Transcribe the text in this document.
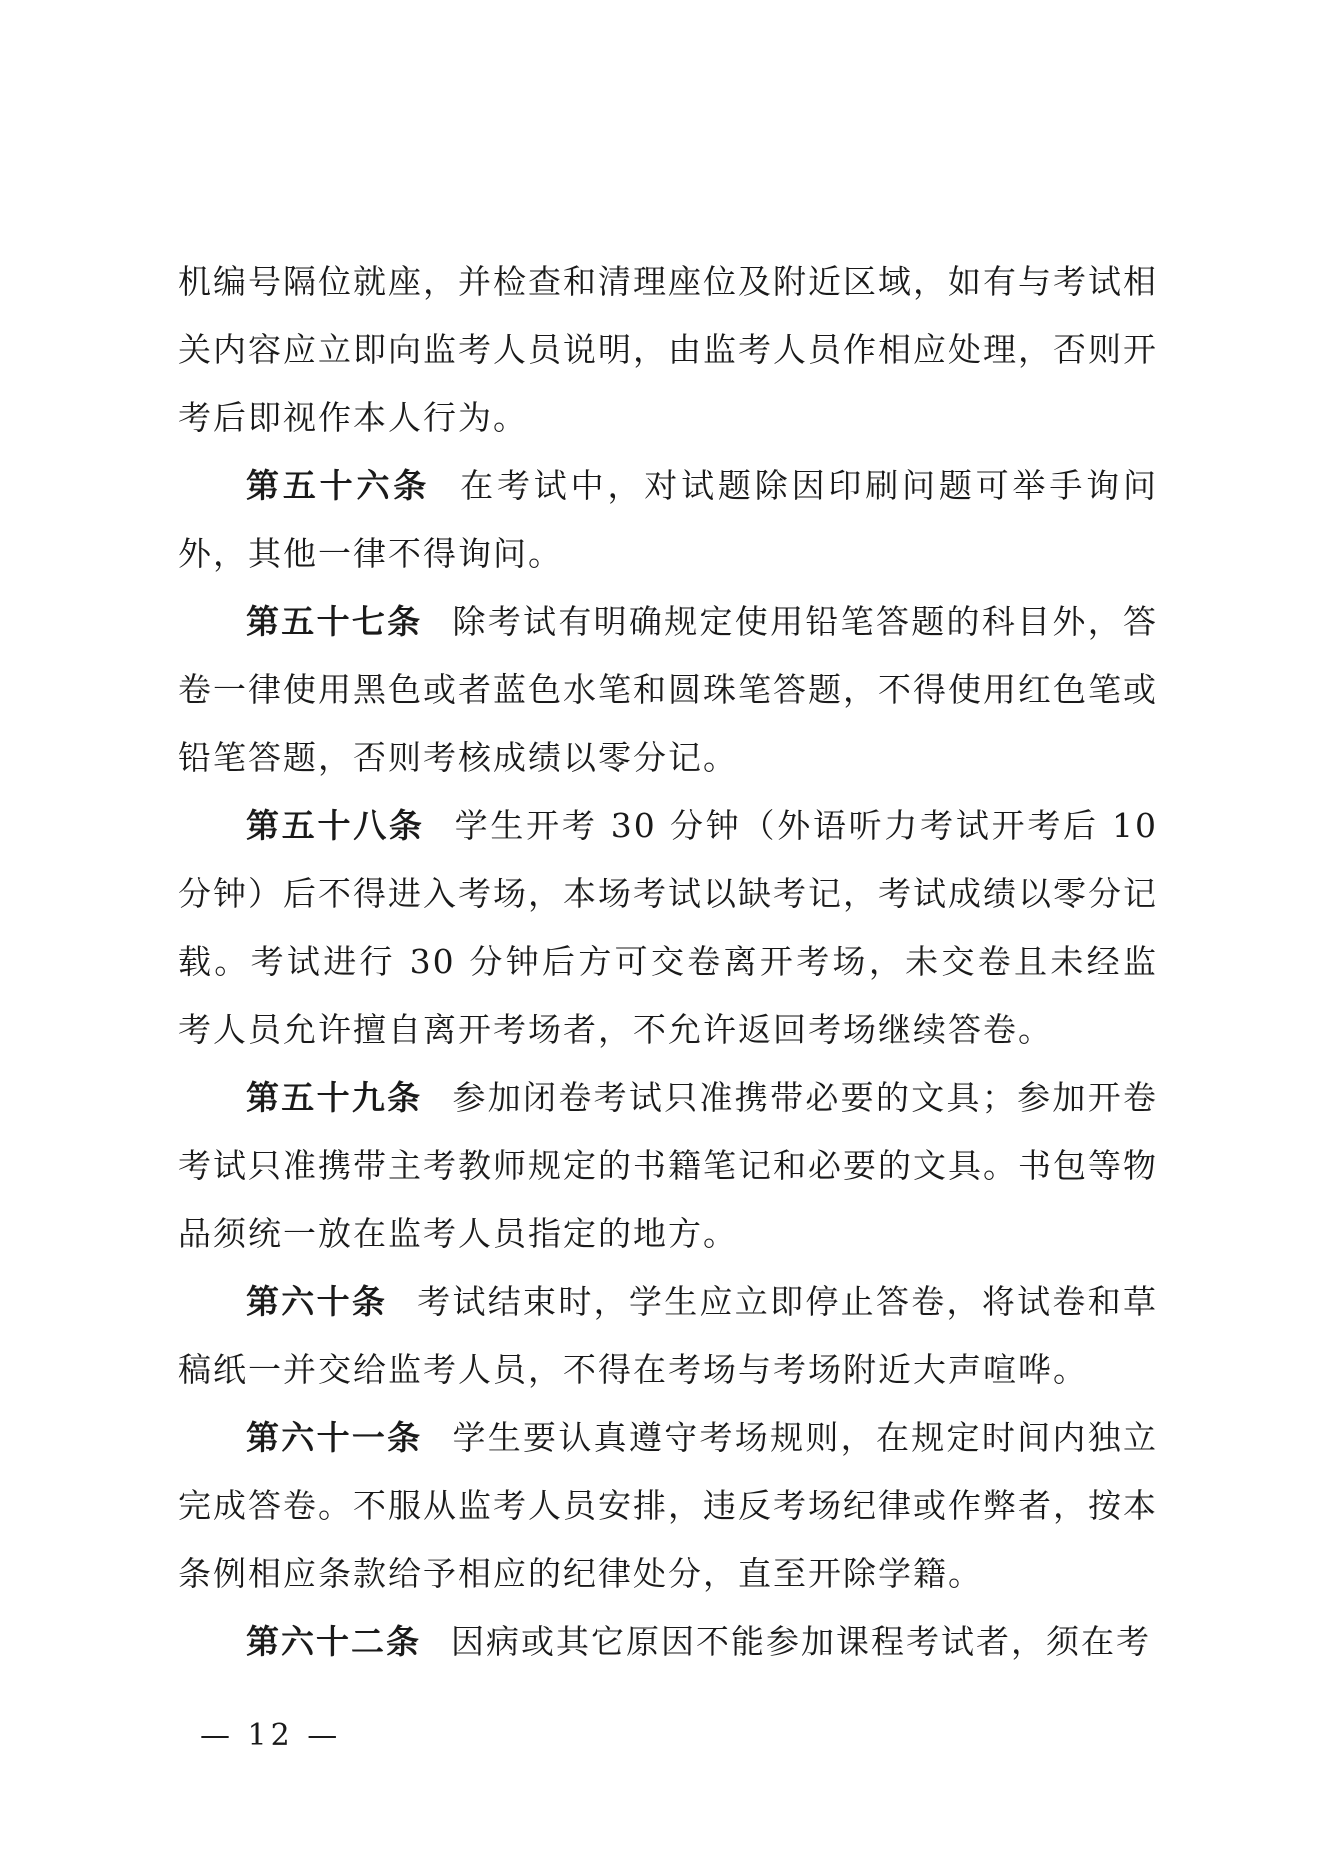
机编号隔位就座，并检查和清理座位及附近区域，如有与考试相关内容应立即向监考人员说明，由监考人员作相应处理，否则开考后即视作本人行为。

第五十六条 在考试中，对试题除因印刷问题可举手询问外，其他一律不得询问。

第五十七条 除考试有明确规定使用铅笔答题的科目外，答卷一律使用黑色或者蓝色水笔和圆珠笔答题，不得使用红色笔或铅笔答题，否则考核成绩以零分记。

第五十八条 学生开考 30 分钟（外语听力考试开考后 10 分钟）后不得进入考场，本场考试以缺考记，考试成绩以零分记载。考试进行 30 分钟后方可交卷离开考场，未交卷且未经监考人员允许擅自离开考场者，不允许返回考场继续答卷。

第五十九条 参加闭卷考试只准携带必要的文具；参加开卷考试只准携带主考教师规定的书籍笔记和必要的文具。书包等物品须统一放在监考人员指定的地方。

第六十条 考试结束时，学生应立即停止答卷，将试卷和草稿纸一并交给监考人员，不得在考场与考场附近大声喧哗。

第六十一条 学生要认真遵守考场规则，在规定时间内独立完成答卷。不服从监考人员安排，违反考场纪律或作弊者，按本条例相应条款给予相应的纪律处分，直至开除学籍。

第六十二条 因病或其它原因不能参加课程考试者，须在考

— 12 —
